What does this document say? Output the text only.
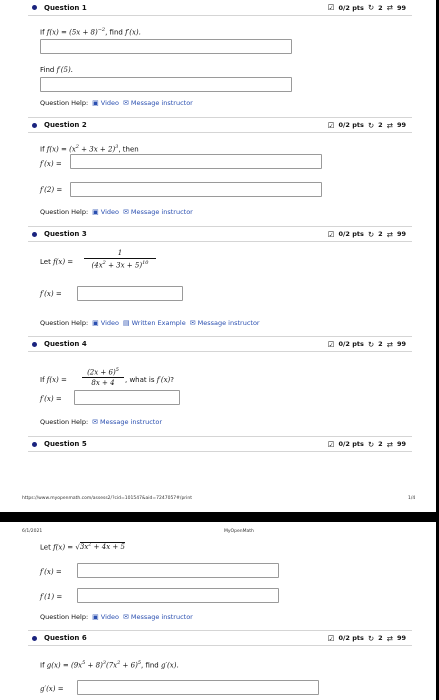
Question 1	☑ 0/2 pts ↻ 2 ⇄ 99
If $f(x) = (5x + 8)^{-2}$, find f′(x).
Find f′(5).
Question Help: ▣ Video ✉ Message instructor
Question 2	☑ 0/2 pts ↻ 2 ⇄ 99
If $f(x) = (x^2 + 3x + 2)^3$, then
f′(x) =
f′(2) =
Question Help: ▣ Video ✉ Message instructor
Question 3	☑ 0/2 pts ↻ 2 ⇄ 99
Let f(x) =
1
$(4x^2 + 3x + 5)^{10}$
f′(x) =
Question Help: ▣ Video ▤ Written Example ✉ Message instructor
Question 4	☑ 0/2 pts ↻ 2 ⇄ 99
If f(x) =
$(2x + 6)^5$
8x + 4	, what is f′(x)?
f′(x) =
Question Help: ✉ Message instructor
Question 5	☑ 0/2 pts ↻ 2 ⇄ 99
https://www.myopenmath.com/assess2/?cid=101547&aid=7247057#/print	1/4
6/1/2021	MyOpenMath
Let $f(x) = √3x^2 + 4x + 5$
f′(x) =
f′(1) =
Question Help: ▣ Video ✉ Message instructor
Question 6	☑ 0/2 pts ↻ 2 ⇄ 99
If $g(x) = (9x^5 + 8)^3(7x^2 + 6)^5$, find g′(x).
g′(x) =
